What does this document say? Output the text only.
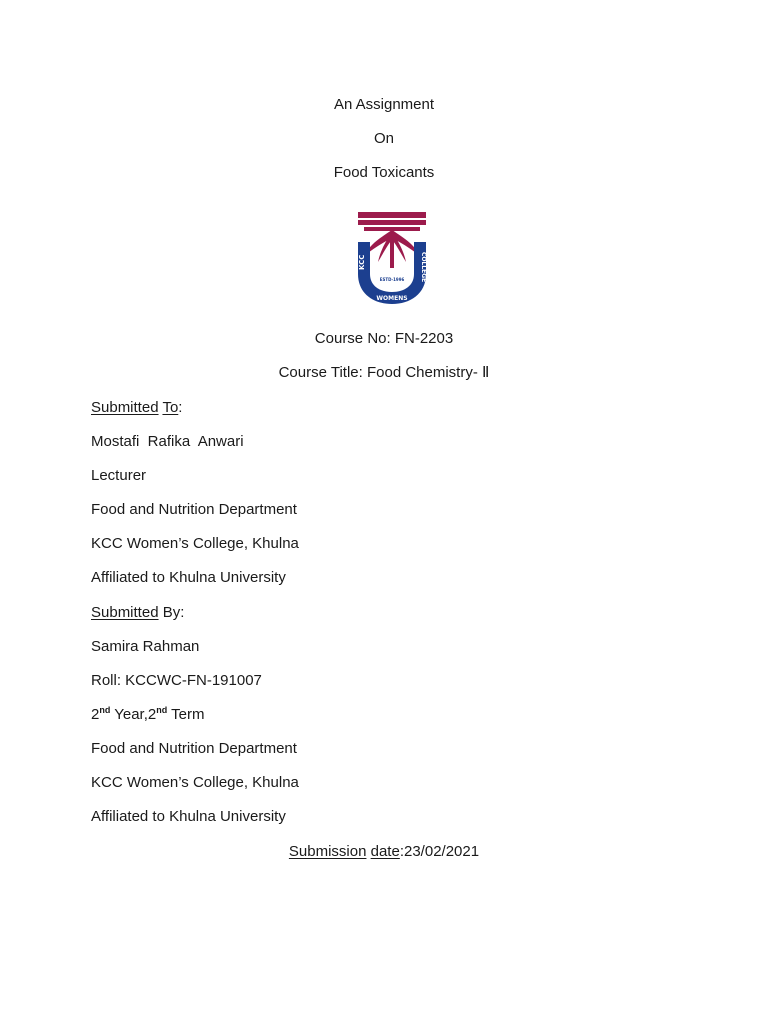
An Assignment
On
Food Toxicants
KCC
WOMENS
COLLEGE
ESTD-1996
Course No: FN-2203
Course Title: Food Chemistry- Ⅱ
Submitted To:
Mostafi  Rafika  Anwari
Lecturer
Food and Nutrition Department
KCC Women’s College, Khulna
Affiliated to Khulna University
Submitted By:
Samira Rahman
Roll: KCCWC-FN-191007
2nd Year,2nd Term
Food and Nutrition Department
KCC Women’s College, Khulna
Affiliated to Khulna University
Submission date:23/02/2021
